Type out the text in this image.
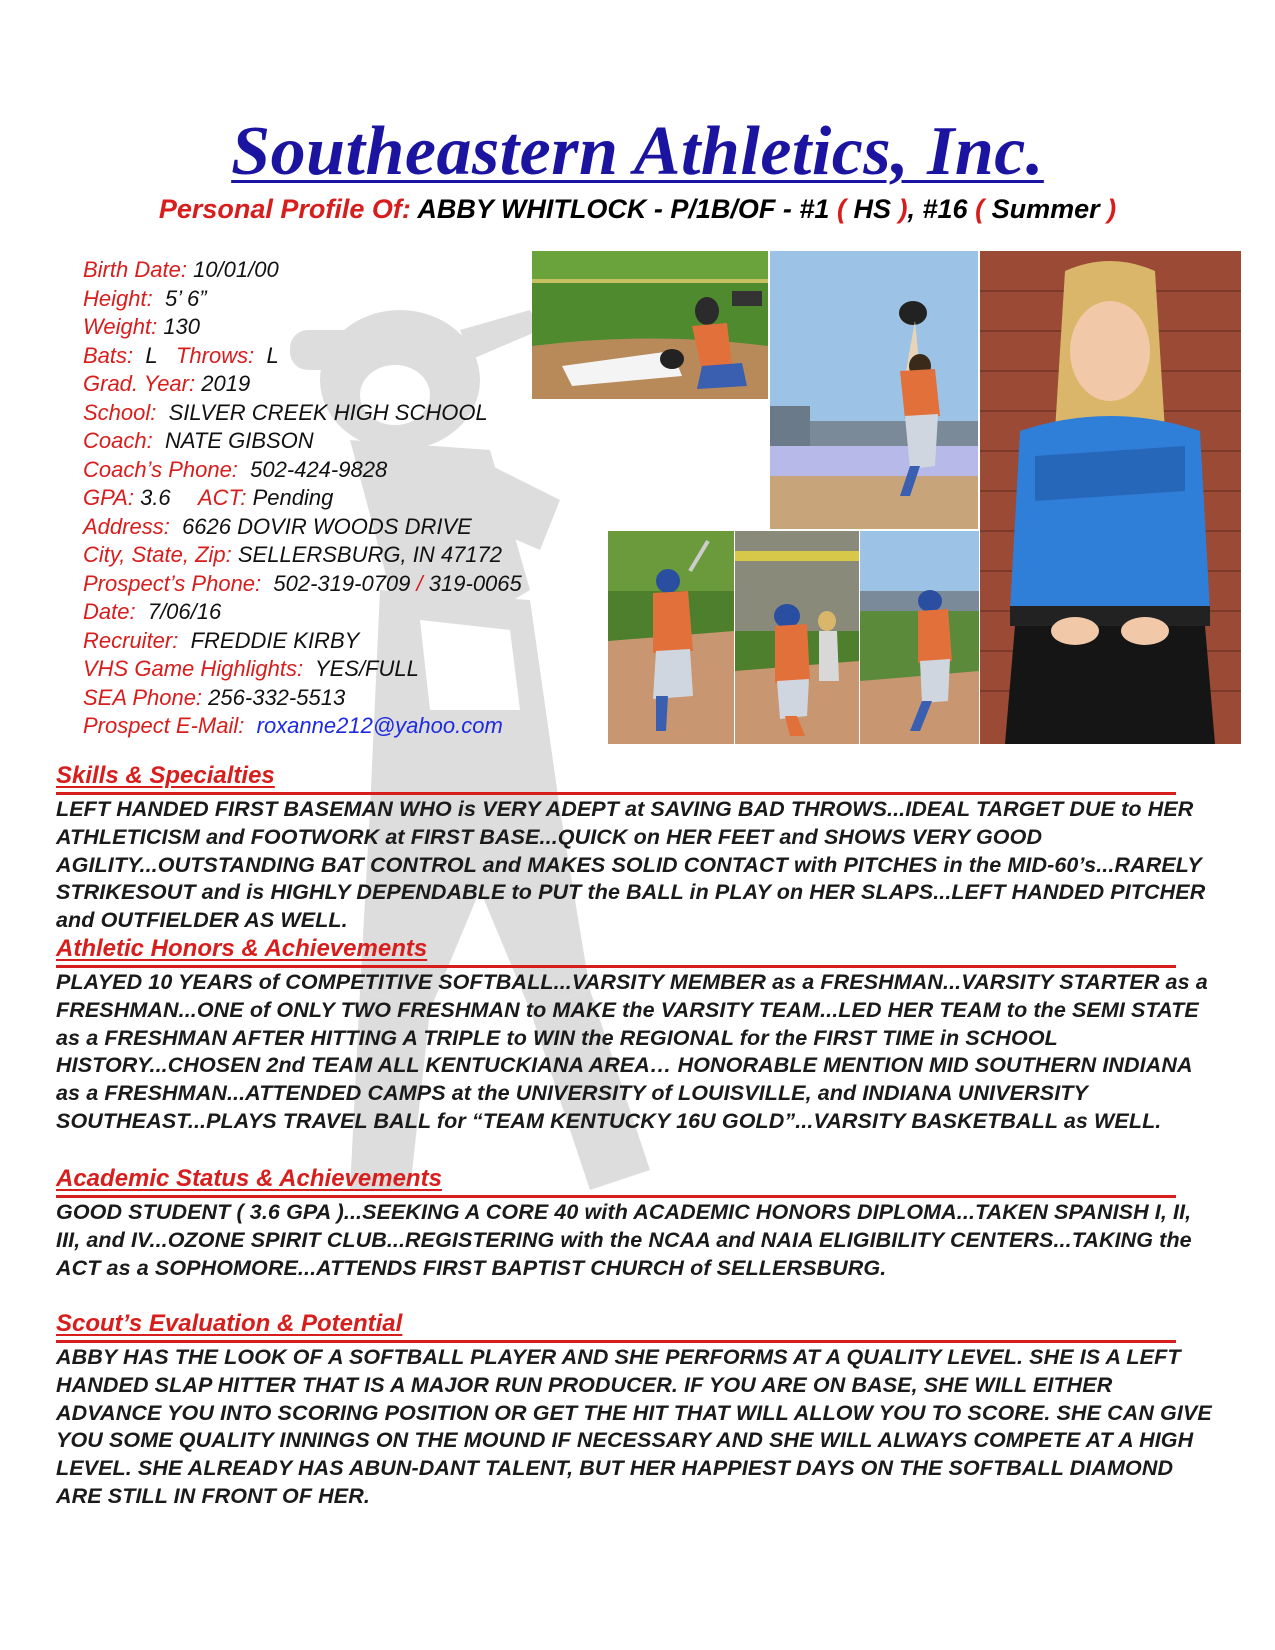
Southeastern Athletics, Inc.
Personal Profile Of: ABBY WHITLOCK - P/1B/OF - #1 ( HS ), #16 ( Summer )
Birth Date: 10/01/00
Height: 5’ 6”
Weight: 130
Bats: L Throws: L
Grad. Year: 2019
School: SILVER CREEK HIGH SCHOOL
Coach: NATE GIBSON
Coach’s Phone: 502-424-9828
GPA: 3.6 ACT: Pending
Address: 6626 DOVIR WOODS DRIVE
City, State, Zip: SELLERSBURG, IN 47172
Prospect’s Phone: 502-319-0709 / 319-0065
Date: 7/06/16
Recruiter: FREDDIE KIRBY
VHS Game Highlights: YES/FULL
SEA Phone: 256-332-5513
Prospect E-Mail: roxanne212@yahoo.com
Skills & Specialties
LEFT HANDED FIRST BASEMAN WHO is VERY ADEPT at SAVING BAD THROWS...IDEAL TARGET DUE to HER ATHLETICISM and FOOTWORK at FIRST BASE...QUICK on HER FEET and SHOWS VERY GOOD AGILITY...OUTSTANDING BAT CONTROL and MAKES SOLID CONTACT with PITCHES in the MID-60’s...RARELY STRIKESOUT and is HIGHLY DEPENDABLE to PUT the BALL in PLAY on HER SLAPS...LEFT HANDED PITCHER and OUTFIELDER AS WELL.
Athletic Honors & Achievements
PLAYED 10 YEARS of COMPETITIVE SOFTBALL...VARSITY MEMBER as a FRESHMAN...VARSITY STARTER as a FRESHMAN...ONE of ONLY TWO FRESHMAN to MAKE the VARSITY TEAM...LED HER TEAM to the SEMI STATE as a FRESHMAN AFTER HITTING A TRIPLE to WIN the REGIONAL for the FIRST TIME in SCHOOL HISTORY...CHOSEN 2nd TEAM ALL KENTUCKIANA AREA… HONORABLE MENTION MID SOUTHERN INDIANA as a FRESHMAN...ATTENDED CAMPS at the UNIVERSITY of LOUISVILLE, and INDIANA UNIVERSITY SOUTHEAST...PLAYS TRAVEL BALL for “TEAM KENTUCKY 16U GOLD”...VARSITY BASKETBALL as WELL.
Academic Status & Achievements
GOOD STUDENT ( 3.6 GPA )...SEEKING A CORE 40 with ACADEMIC HONORS DIPLOMA...TAKEN SPANISH I, II, III, and IV...OZONE SPIRIT CLUB...REGISTERING with the NCAA and NAIA ELIGIBILITY CENTERS...TAKING the ACT as a SOPHOMORE...ATTENDS FIRST BAPTIST CHURCH of SELLERSBURG.
Scout’s Evaluation & Potential
ABBY HAS THE LOOK OF A SOFTBALL PLAYER AND SHE PERFORMS AT A QUALITY LEVEL. SHE IS A LEFT HANDED SLAP HITTER THAT IS A MAJOR RUN PRODUCER. IF YOU ARE ON BASE, SHE WILL EITHER ADVANCE YOU INTO SCORING POSITION OR GET THE HIT THAT WILL ALLOW YOU TO SCORE. SHE CAN GIVE YOU SOME QUALITY INNINGS ON THE MOUND IF NECESSARY AND SHE WILL ALWAYS COMPETE AT A HIGH LEVEL. SHE ALREADY HAS ABUN-DANT TALENT, BUT HER HAPPIEST DAYS ON THE SOFTBALL DIAMOND ARE STILL IN FRONT OF HER.
